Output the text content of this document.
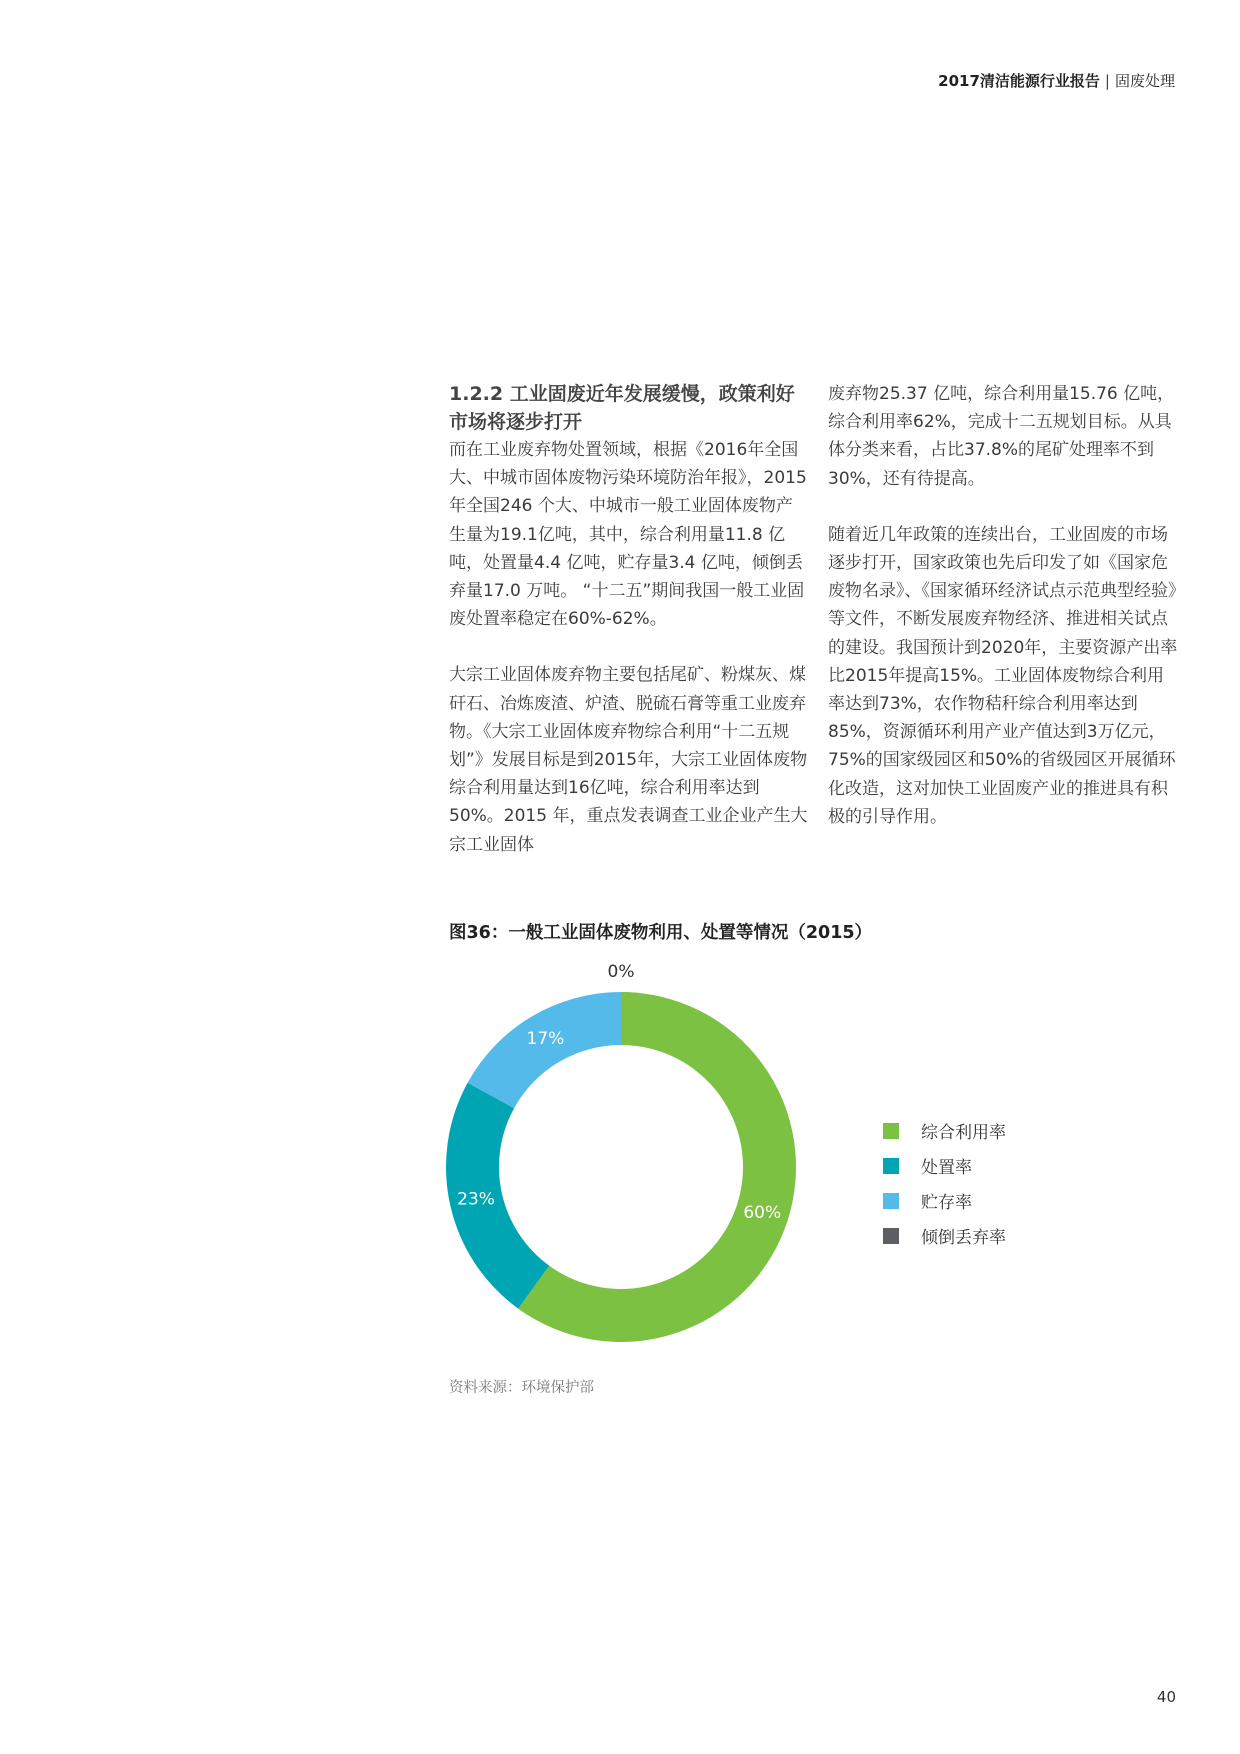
2017清洁能源行业报告 | 固废处理
1.2.2 工业固废近年发展缓慢，政策利好市场将逐步打开

而在工业废弃物处置领域，根据《2016年全国大、中城市固体废物污染环境防治年报》，2015 年全国246 个大、中城市一般工业固体废物产生量为19.1亿吨，其中，综合利用量11.8 亿吨，处置量4.4 亿吨，贮存量3.4 亿吨，倾倒丢弃量17.0 万吨。 “十二五”期间我国一般工业固废处置率稳定在60%-62%。

大宗工业固体废弃物主要包括尾矿、粉煤灰、煤矸石、冶炼废渣、炉渣、脱硫石膏等重工业废弃物。《大宗工业固体废弃物综合利用“十二五规划”》发展目标是到2015年，大宗工业固体废物综合利用量达到16亿吨，综合利用率达到50%。2015 年，重点发表调查工业企业产生大宗工业固体

废弃物25.37 亿吨，综合利用量15.76 亿吨，综合利用率62%，完成十二五规划目标。从具体分类来看，占比37.8%的尾矿处理率不到30%，还有待提高。

随着近几年政策的连续出台，工业固废的市场逐步打开，国家政策也先后印发了如《国家危废物名录》、《国家循环经济试点示范典型经验》等文件，不断发展废弃物经济、推进相关试点的建设。我国预计到2020年，主要资源产出率比2015年提高15%。工业固体废物综合利用率达到73%，农作物秸秆综合利用率达到85%，资源循环利用产业产值达到3万亿元，75%的国家级园区和50%的省级园区开展循环化改造，这对加快工业固废产业的推进具有积极的引导作用。

图36：一般工业固体废物利用、处置等情况（2015）
60%
23%
17%
0%
综合利用率
处置率
贮存率
倾倒丢弃率
资料来源：环境保护部
40
